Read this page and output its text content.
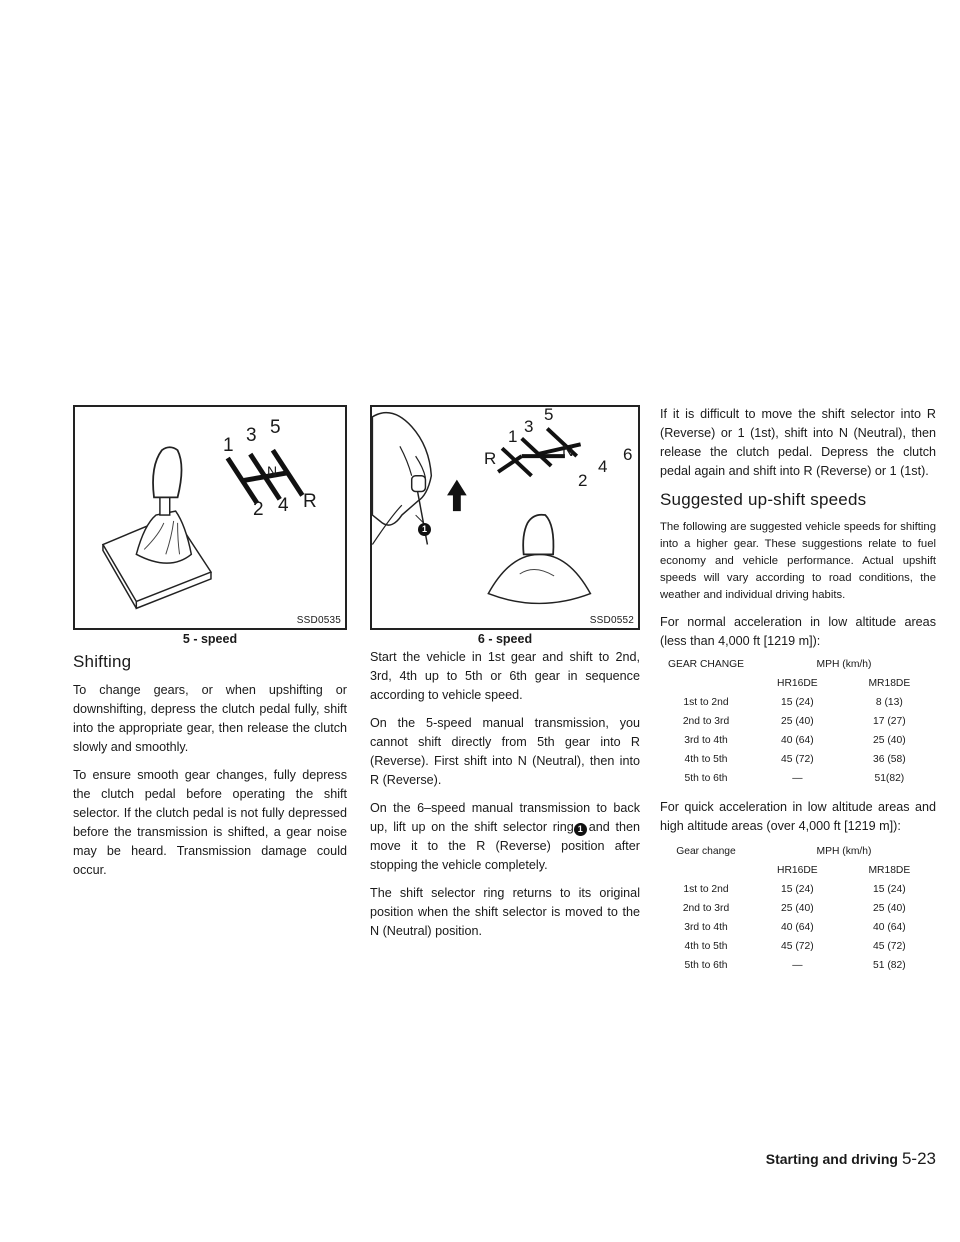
1 3 5
N
2 4 R
SSD0535
5 - speed
5
3
1
R	N	6
4
2
1
SSD0552
6 - speed
Shifting

To change gears, or when upshifting or downshifting, depress the clutch pedal fully, shift into the appropriate gear, then release the clutch slowly and smoothly.

To ensure smooth gear changes, fully depress the clutch pedal before operating the shift selector. If the clutch pedal is not fully depressed before the transmission is shifted, a gear noise may be heard. Transmission damage could occur.

Start the vehicle in 1st gear and shift to 2nd, 3rd, 4th up to 5th or 6th gear in sequence according to vehicle speed.

On the 5-speed manual transmission, you cannot shift directly from 5th gear into R (Reverse). First shift into N (Neutral), then into R (Reverse).

On the 6–speed manual transmission to back up, lift up on the shift selector ring 1 and then move it to the R (Reverse) position after stopping the vehicle completely.

The shift selector ring returns to its original position when the shift selector is moved to the N (Neutral) position.

If it is difficult to move the shift selector into R (Reverse) or 1 (1st), shift into N (Neutral), then release the clutch pedal. Depress the clutch pedal again and shift into R (Reverse) or 1 (1st).

Suggested up-shift speeds

The following are suggested vehicle speeds for shifting into a higher gear. These suggestions relate to fuel economy and vehicle performance. Actual upshift speeds will vary according to road conditions, the weather and individual driving habits.

For normal acceleration in low altitude areas (less than 4,000 ft [1219 m]):

GEAR CHANGE	MPH (km/h)	
	HR16DE	MR18DE
1st to 2nd	15 (24)	8 (13)
2nd to 3rd	25 (40)	17 (27)
3rd to 4th	40 (64)	25 (40)
4th to 5th	45 (72)	36 (58)
5th to 6th	—	51(82)

For quick acceleration in low altitude areas and high altitude areas (over 4,000 ft [1219 m]):

Gear change	MPH (km/h)	
	HR16DE	MR18DE
1st to 2nd	15 (24)	15 (24)
2nd to 3rd	25 (40)	25 (40)
3rd to 4th	40 (64)	40 (64)
4th to 5th	45 (72)	45 (72)
5th to 6th	—	51 (82)
Starting and driving 5-23
